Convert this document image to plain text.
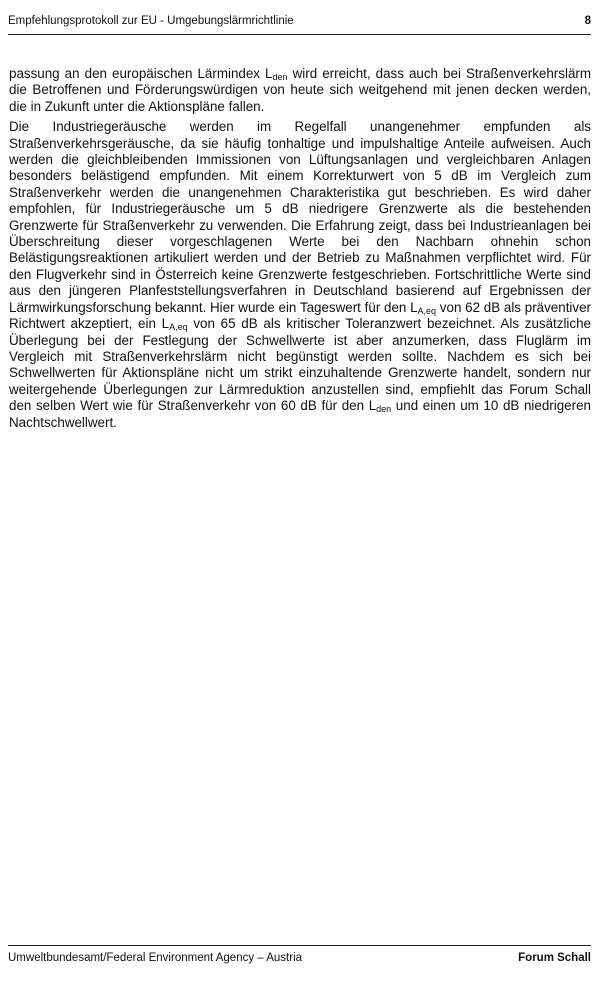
Empfehlungsprotokoll zur EU - Umgebungslärmrichtlinie	8

passung an den europäischen Lärmindex $L_{den}$ wird erreicht, dass auch bei Straßenverkehrslärm die Betroffenen und Förderungswürdigen von heute sich weitgehend mit jenen decken werden, die in Zukunft unter die Aktionspläne fallen.

Die Industriegeräusche werden im Regelfall unangenehmer empfunden als Straßenverkehrsgeräusche, da sie häufig tonhaltige und impulshaltige Anteile aufweisen. Auch werden die gleichbleibenden Immissionen von Lüftungsanlagen und vergleichbaren Anlagen besonders belästigend empfunden. Mit einem Korrekturwert von 5 dB im Vergleich zum Straßenverkehr werden die unangenehmen Charakteristika gut beschrieben. Es wird daher empfohlen, für Industriegeräusche um 5 dB niedrigere Grenzwerte als die bestehenden Grenzwerte für Straßenverkehr zu verwenden. Die Erfahrung zeigt, dass bei Industrieanlagen bei Überschreitung dieser vorgeschlagenen Werte bei den Nachbarn ohnehin schon Belästigungsreaktionen artikuliert werden und der Betrieb zu Maßnahmen verpflichtet wird. Für den Flugverkehr sind in Österreich keine Grenzwerte festgeschrieben. Fortschrittliche Werte sind aus den jüngeren Planfeststellungsverfahren in Deutschland basierend auf Ergebnissen der Lärmwirkungsforschung bekannt. Hier wurde ein Tageswert für den $L_{A,eq}$ von 62 dB als präventiver Richtwert akzeptiert, ein $L_{A,eq}$ von 65 dB als kritischer Toleranzwert bezeichnet. Als zusätzliche Überlegung bei der Festlegung der Schwellwerte ist aber anzumerken, dass Fluglärm im Vergleich mit Straßenverkehrslärm nicht begünstigt werden sollte. Nachdem es sich bei Schwellwerten für Aktionspläne nicht um strikt einzuhaltende Grenzwerte handelt, sondern nur weitergehende Überlegungen zur Lärmreduktion anzustellen sind, empfiehlt das Forum Schall den selben Wert wie für Straßenverkehr von 60 dB für den $L_{den}$ und einen um 10 dB niedrigeren Nachtschwellwert.

Umweltbundesamt/Federal Environment Agency – Austria	Forum Schall
